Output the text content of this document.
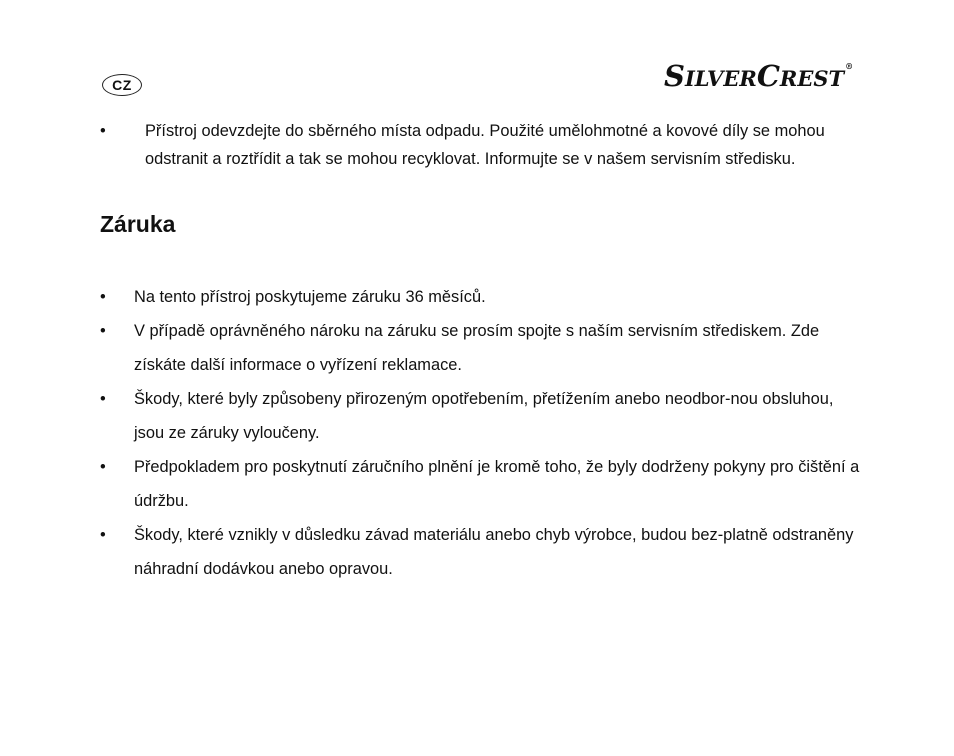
CZ	SILVERCREST®
• Přístroj odevzdejte do sběrného místa odpadu. Použité umělohmotné a kovové díly se mohou odstranit a roztřídit a tak se mohou recyklovat. Informujte se v našem servisním středisku.
Záruka
• Na tento přístroj poskytujeme záruku 36 měsíců.
• V případě oprávněného nároku na záruku se prosím spojte s naším servisním střediskem. Zde získáte další informace o vyřízení reklamace.
• Škody, které byly způsobeny přirozeným opotřebením, přetížením anebo neodbor-nou obsluhou, jsou ze záruky vyloučeny.
• Předpokladem pro poskytnutí záručního plnění je kromě toho, že byly dodrženy pokyny pro čištění a údržbu.
• Škody, které vznikly v důsledku závad materiálu anebo chyb výrobce, budou bez-platně odstraněny náhradní dodávkou anebo opravou.
